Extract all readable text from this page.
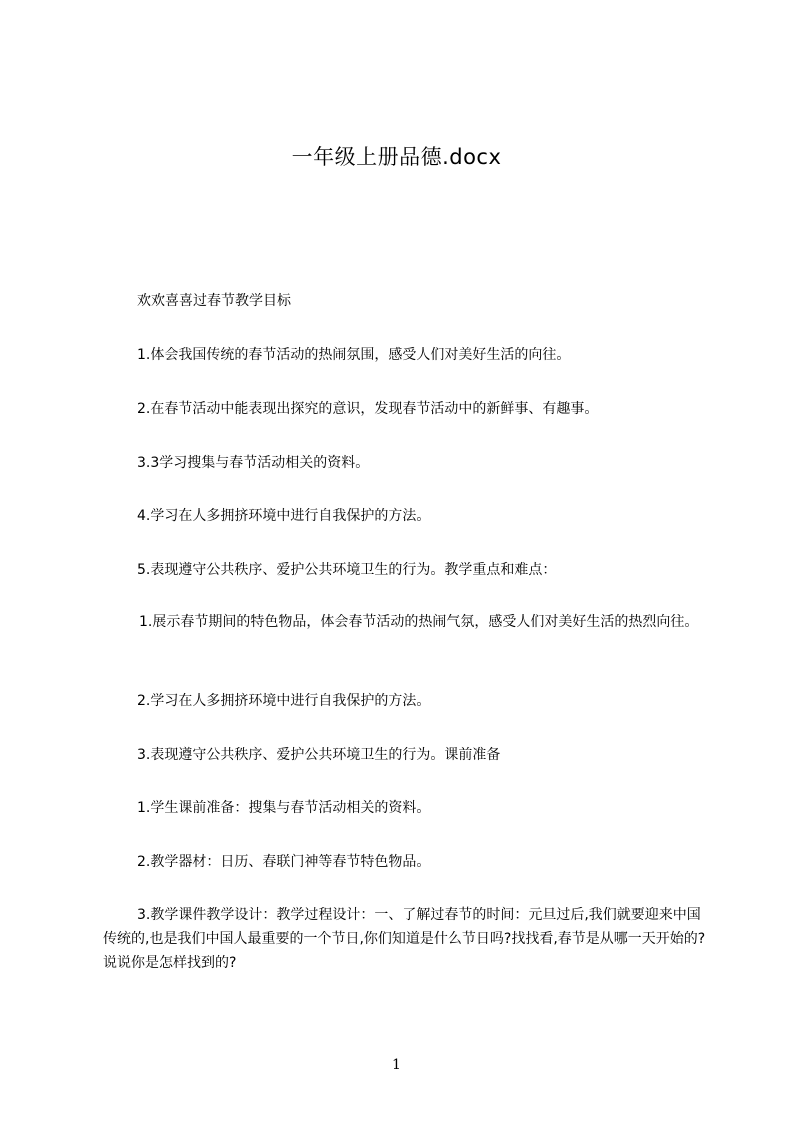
一年级上册品德.docx
欢欢喜喜过春节教学目标
1.体会我国传统的春节活动的热闹氛围，感受人们对美好生活的向往。
2.在春节活动中能表现出探究的意识，发现春节活动中的新鲜事、有趣事。
3.3学习搜集与春节活动相关的资料。
4.学习在人多拥挤环境中进行自我保护的方法。
5.表现遵守公共秩序、爱护公共环境卫生的行为。教学重点和难点：
1.展示春节期间的特色物品，体会春节活动的热闹气氛，感受人们对美好生活的热烈向往。
2.学习在人多拥挤环境中进行自我保护的方法。
3.表现遵守公共秩序、爱护公共环境卫生的行为。课前准备
1.学生课前准备：搜集与春节活动相关的资料。
2.教学器材：日历、春联门神等春节特色物品。
3.教学课件教学设计：教学过程设计：一、了解过春节的时间：元旦过后,我们就要迎来中国传统的,也是我们中国人最重要的一个节日,你们知道是什么节日吗?找找看,春节是从哪一天开始的?说说你是怎样找到的?
1
